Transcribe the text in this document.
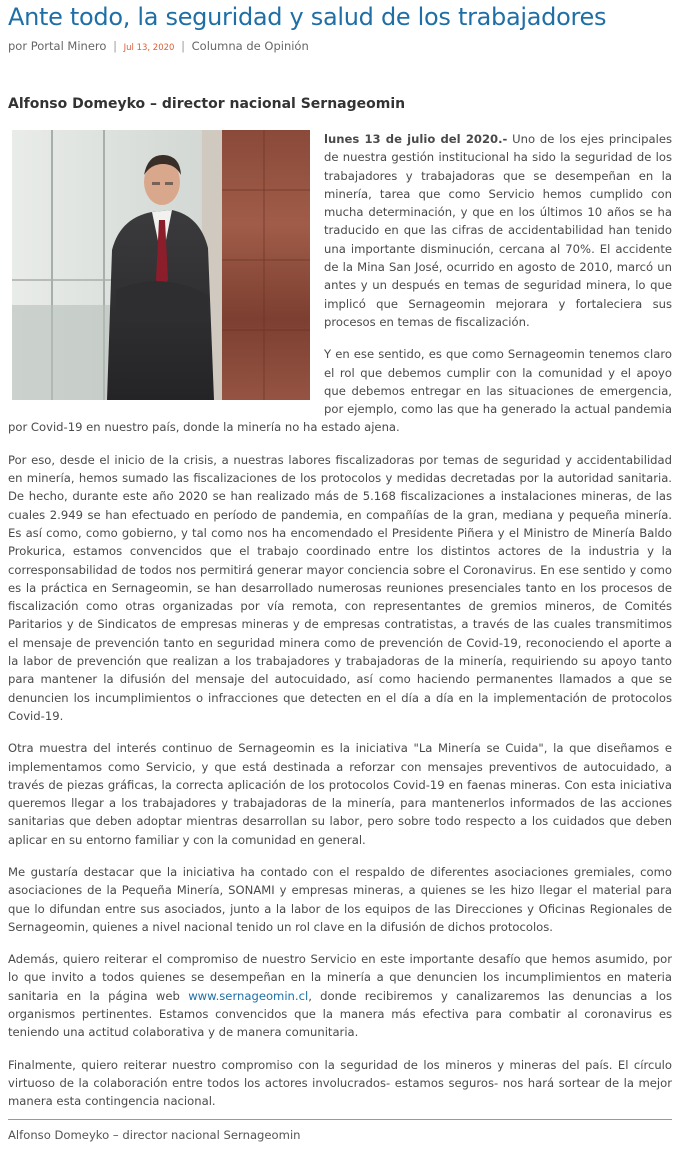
Ante todo, la seguridad y salud de los trabajadores
por Portal Minero | Jul 13, 2020 | Columna de Opinión
Alfonso Domeyko – director nacional Sernageomin

lunes 13 de julio del 2020.- Uno de los ejes principales de nuestra gestión institucional ha sido la seguridad de los trabajadores y trabajadoras que se desempeñan en la minería, tarea que como Servicio hemos cumplido con mucha determinación, y que en los últimos 10 años se ha traducido en que las cifras de accidentabilidad han tenido una importante disminución, cercana al 70%. El accidente de la Mina San José, ocurrido en agosto de 2010, marcó un antes y un después en temas de seguridad minera, lo que implicó que Sernageomin mejorara y fortaleciera sus procesos en temas de fiscalización.

Y en ese sentido, es que como Sernageomin tenemos claro el rol que debemos cumplir con la comunidad y el apoyo que debemos entregar en las situaciones de emergencia, por ejemplo, como las que ha generado la actual pandemia por Covid-19 en nuestro país, donde la minería no ha estado ajena.

Por eso, desde el inicio de la crisis, a nuestras labores fiscalizadoras por temas de seguridad y accidentabilidad en minería, hemos sumado las fiscalizaciones de los protocolos y medidas decretadas por la autoridad sanitaria. De hecho, durante este año 2020 se han realizado más de 5.168 fiscalizaciones a instalaciones mineras, de las cuales 2.949 se han efectuado en período de pandemia, en compañías de la gran, mediana y pequeña minería. Es así como, como gobierno, y tal como nos ha encomendado el Presidente Piñera y el Ministro de Minería Baldo Prokurica, estamos convencidos que el trabajo coordinado entre los distintos actores de la industria y la corresponsabilidad de todos nos permitirá generar mayor conciencia sobre el Coronavirus. En ese sentido y como es la práctica en Sernageomin, se han desarrollado numerosas reuniones presenciales tanto en los procesos de fiscalización como otras organizadas por vía remota, con representantes de gremios mineros, de Comités Paritarios y de Sindicatos de empresas mineras y de empresas contratistas, a través de las cuales transmitimos el mensaje de prevención tanto en seguridad minera como de prevención de Covid-19, reconociendo el aporte a la labor de prevención que realizan a los trabajadores y trabajadoras de la minería, requiriendo su apoyo tanto para mantener la difusión del mensaje del autocuidado, así como haciendo permanentes llamados a que se denuncien los incumplimientos o infracciones que detecten en el día a día en la implementación de protocolos Covid-19.

Otra muestra del interés continuo de Sernageomin es la iniciativa "La Minería se Cuida", la que diseñamos e implementamos como Servicio, y que está destinada a reforzar con mensajes preventivos de autocuidado, a través de piezas gráficas, la correcta aplicación de los protocolos Covid-19 en faenas mineras. Con esta iniciativa queremos llegar a los trabajadores y trabajadoras de la minería, para mantenerlos informados de las acciones sanitarias que deben adoptar mientras desarrollan su labor, pero sobre todo respecto a los cuidados que deben aplicar en su entorno familiar y con la comunidad en general.

Me gustaría destacar que la iniciativa ha contado con el respaldo de diferentes asociaciones gremiales, como asociaciones de la Pequeña Minería, SONAMI y empresas mineras, a quienes se les hizo llegar el material para que lo difundan entre sus asociados, junto a la labor de los equipos de las Direcciones y Oficinas Regionales de Sernageomin, quienes a nivel nacional tenido un rol clave en la difusión de dichos protocolos.

Además, quiero reiterar el compromiso de nuestro Servicio en este importante desafío que hemos asumido, por lo que invito a todos quienes se desempeñan en la minería a que denuncien los incumplimientos en materia sanitaria en la página web www.sernageomin.cl, donde recibiremos y canalizaremos las denuncias a los organismos pertinentes. Estamos convencidos que la manera más efectiva para combatir al coronavirus es teniendo una actitud colaborativa y de manera comunitaria.

Finalmente, quiero reiterar nuestro compromiso con la seguridad de los mineros y mineras del país. El círculo virtuoso de la colaboración entre todos los actores involucrados- estamos seguros- nos hará sortear de la mejor manera esta contingencia nacional.

Alfonso Domeyko – director nacional Sernageomin
